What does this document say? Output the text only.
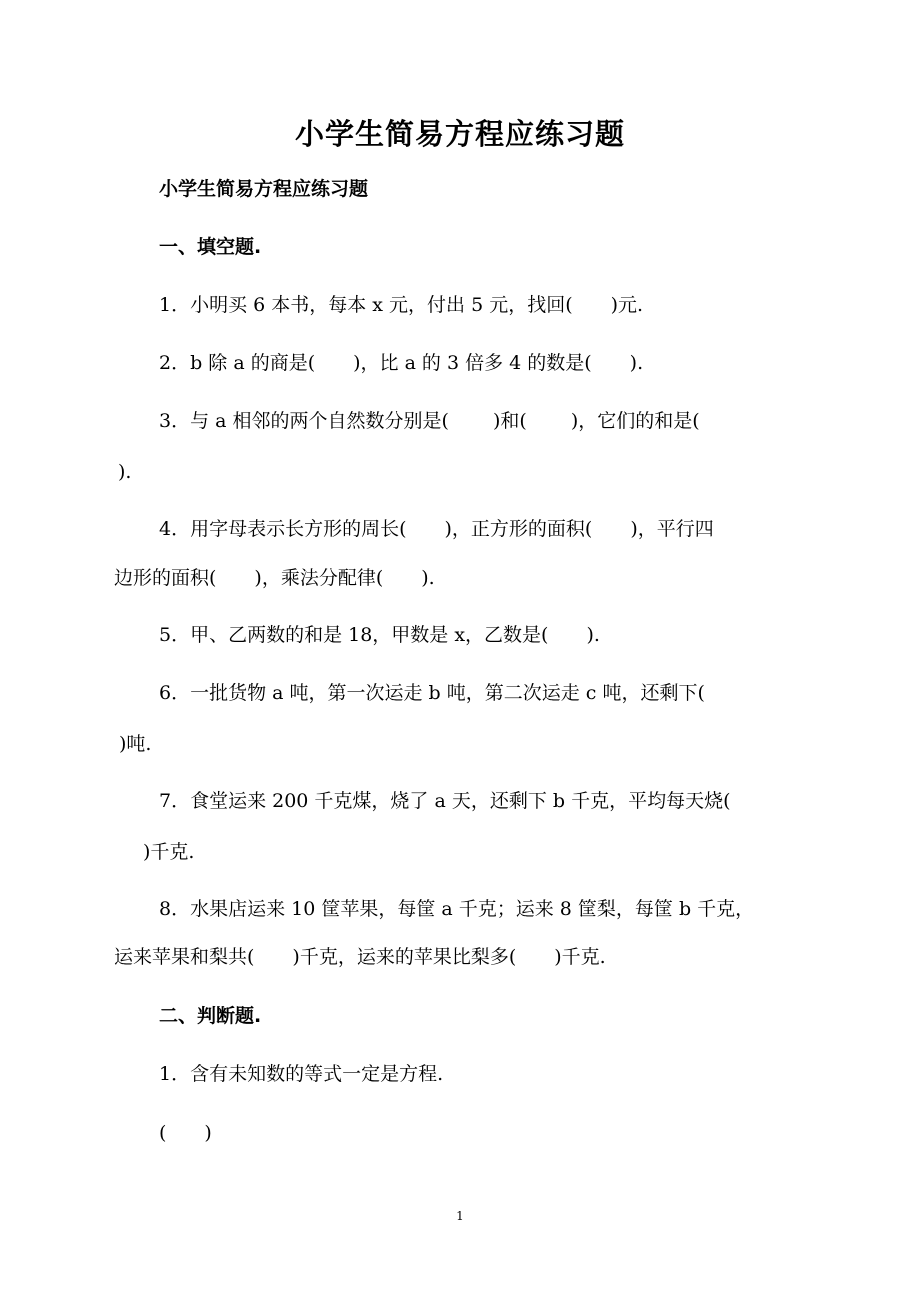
小学生简易方程应练习题
小学生简易方程应练习题
一、填空题.
1．小明买 6 本书，每本 x 元，付出 5 元，找回(　　)元.
2．b 除 a 的商是(　　)，比 a 的 3 倍多 4 的数是(　　).
3．与 a 相邻的两个自然数分别是(　　 )和(　　 )，它们的和是(
).
4．用字母表示长方形的周长(　　)，正方形的面积(　　)，平行四
边形的面积(　　)，乘法分配律(　　).
5．甲、乙两数的和是 18，甲数是 x，乙数是(　　).
6．一批货物 a 吨，第一次运走 b 吨，第二次运走 c 吨，还剩下(
)吨.
7．食堂运来 200 千克煤，烧了 a 天，还剩下 b 千克，平均每天烧(
)千克.
8．水果店运来 10 筐苹果，每筐 a 千克；运来 8 筐梨，每筐 b 千克，
运来苹果和梨共(　　)千克，运来的苹果比梨多(　　)千克.
二、判断题.
1．含有未知数的等式一定是方程.
(　　)
1
